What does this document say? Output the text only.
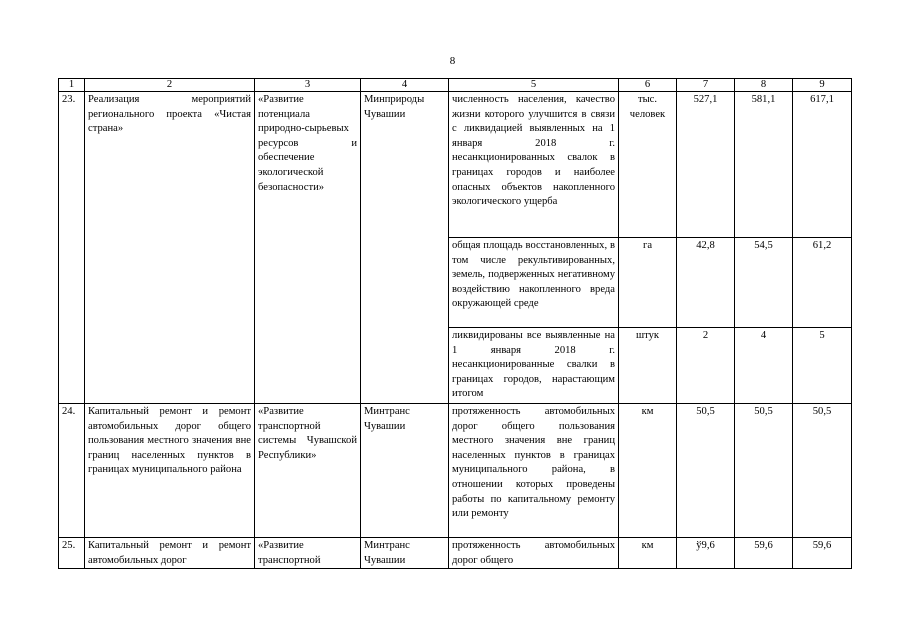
8
1	2	3	4	5	6	7	8	9
23.	Реализация мероприятий регионального проекта «Чистая страна»	«Развитие потенциала природно-сырьевых ресурсов и обеспечение экологической безопасности»	Минприроды Чувашии	численность населения, качество жизни которого улучшится в связи с ликвидацией выявленных на 1 января 2018 г. несанкционированных свалок в границах городов и наиболее опасных объектов накопленного экологического ущерба	тыс. человек	527,1	581,1	617,1
				общая площадь восстановленных, в том числе рекультивированных, земель, подверженных негативному воздействию накопленного вреда окружающей среде	га	42,8	54,5	61,2
				ликвидированы все выявленные на 1 января 2018 г. несанкционированные свалки в границах городов, нарастающим итогом	штук	2	4	5
24.	Капитальный ремонт и ремонт автомобильных дорог общего пользования местного значения вне границ населенных пунктов в границах муниципального района	«Развитие транспортной системы Чувашской Республики»	Минтранс Чувашии	протяженность автомобильных дорог общего пользования местного значения вне границ населенных пунктов в границах муниципального района, в отношении которых проведены работы по капитальному ремонту или ремонту	км	50,5	50,5	50,5
25.	Капитальный ремонт и ремонт автомобильных дорог	«Развитие транспортной	Минтранс Чувашии	протяженность автомобильных дорог общего	км	ў9,6	59,6	59,6
